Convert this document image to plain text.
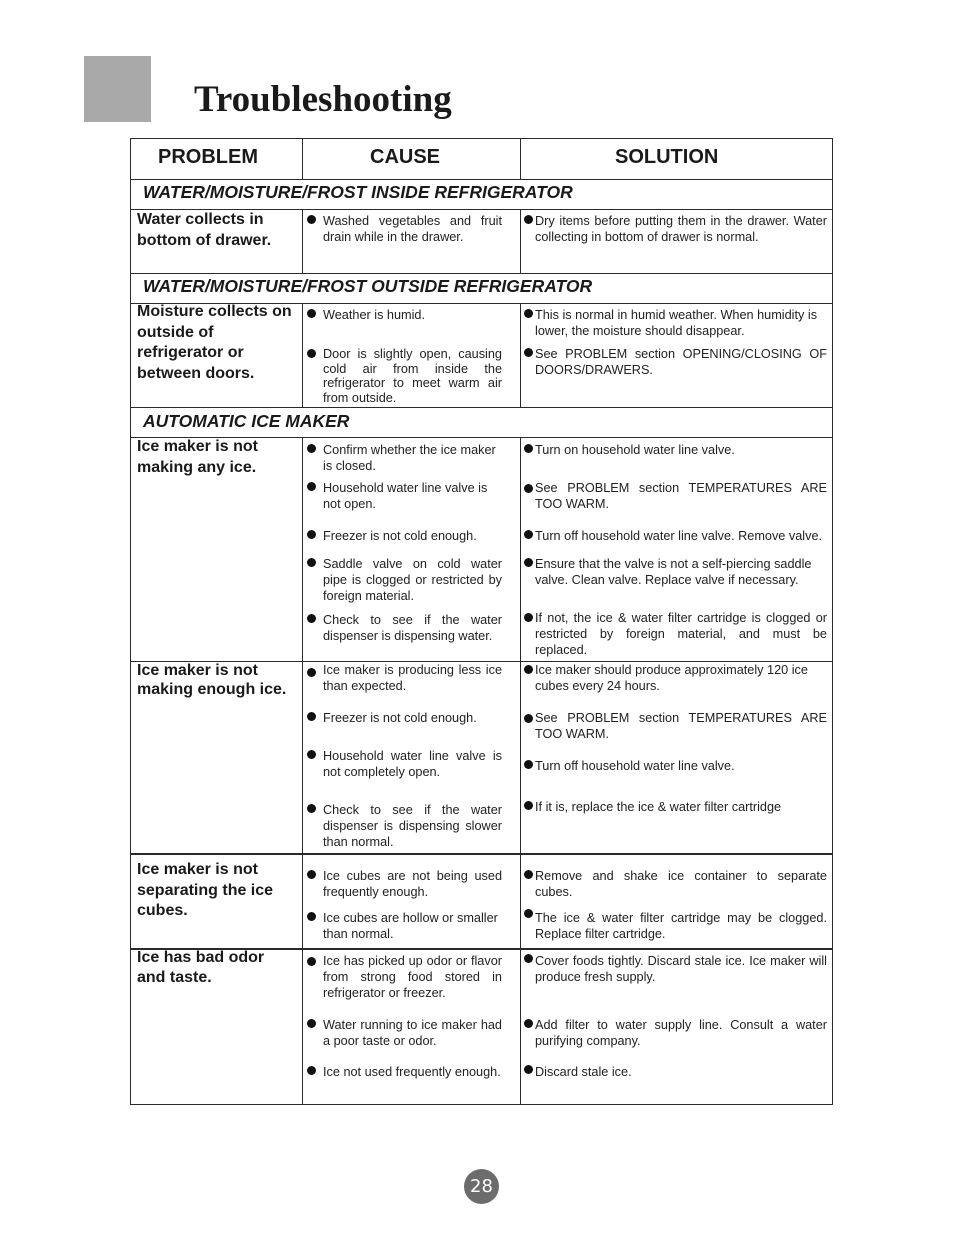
Troubleshooting
PROBLEM	CAUSE	SOLUTION
WATER/MOISTURE/FROST INSIDE REFRIGERATOR
Water collects in bottom of drawer.
Washed vegetables and fruit drain while in the drawer.
Dry items before putting them in the drawer. Water collecting in bottom of drawer is normal.
WATER/MOISTURE/FROST OUTSIDE REFRIGERATOR
Moisture collects on outside of refrigerator or between doors.
Weather is humid.
Door is slightly open, causing cold air from inside the refrigerator to meet warm air from outside.
This is normal in humid weather. When humidity is lower, the moisture should disappear.
See PROBLEM section OPENING/CLOSING OF DOORS/DRAWERS.
AUTOMATIC ICE MAKER
Ice maker is not making any ice.
Confirm whether the ice maker is closed.
Household water line valve is not open.
Freezer is not cold enough.
Saddle valve on cold water pipe is clogged or restricted by foreign material.
Check to see if the water dispenser is dispensing water.
Turn on household water line valve.
See PROBLEM section TEMPERATURES ARE TOO WARM.
Turn off household water line valve. Remove valve.
Ensure that the valve is not a self-piercing saddle valve. Clean valve. Replace valve if necessary.
If not, the ice & water filter cartridge is clogged or restricted by foreign material, and must be replaced.
Ice maker is not making enough ice.
Ice maker is producing less ice than expected.
Freezer is not cold enough.
Household water line valve is not completely open.
Check to see if the water dispenser is dispensing slower than normal.
Ice maker should produce approximately 120 ice cubes every 24 hours.
See PROBLEM section TEMPERATURES ARE TOO WARM.
Turn off household water line valve.
If it is, replace the ice & water filter cartridge
Ice maker is not separating the ice cubes.
Ice cubes are not being used frequently enough.
Ice cubes are hollow or smaller than normal.
Remove and shake ice container to separate cubes.
The ice & water filter cartridge may be clogged. Replace filter cartridge.
Ice has bad odor and taste.
Ice has picked up odor or flavor from strong food stored in refrigerator or freezer.
Water running to ice maker had a poor taste or odor.
Ice not used frequently enough.
Cover foods tightly. Discard stale ice. Ice maker will produce fresh supply.
Add filter to water supply line. Consult a water purifying company.
Discard stale ice.
28
